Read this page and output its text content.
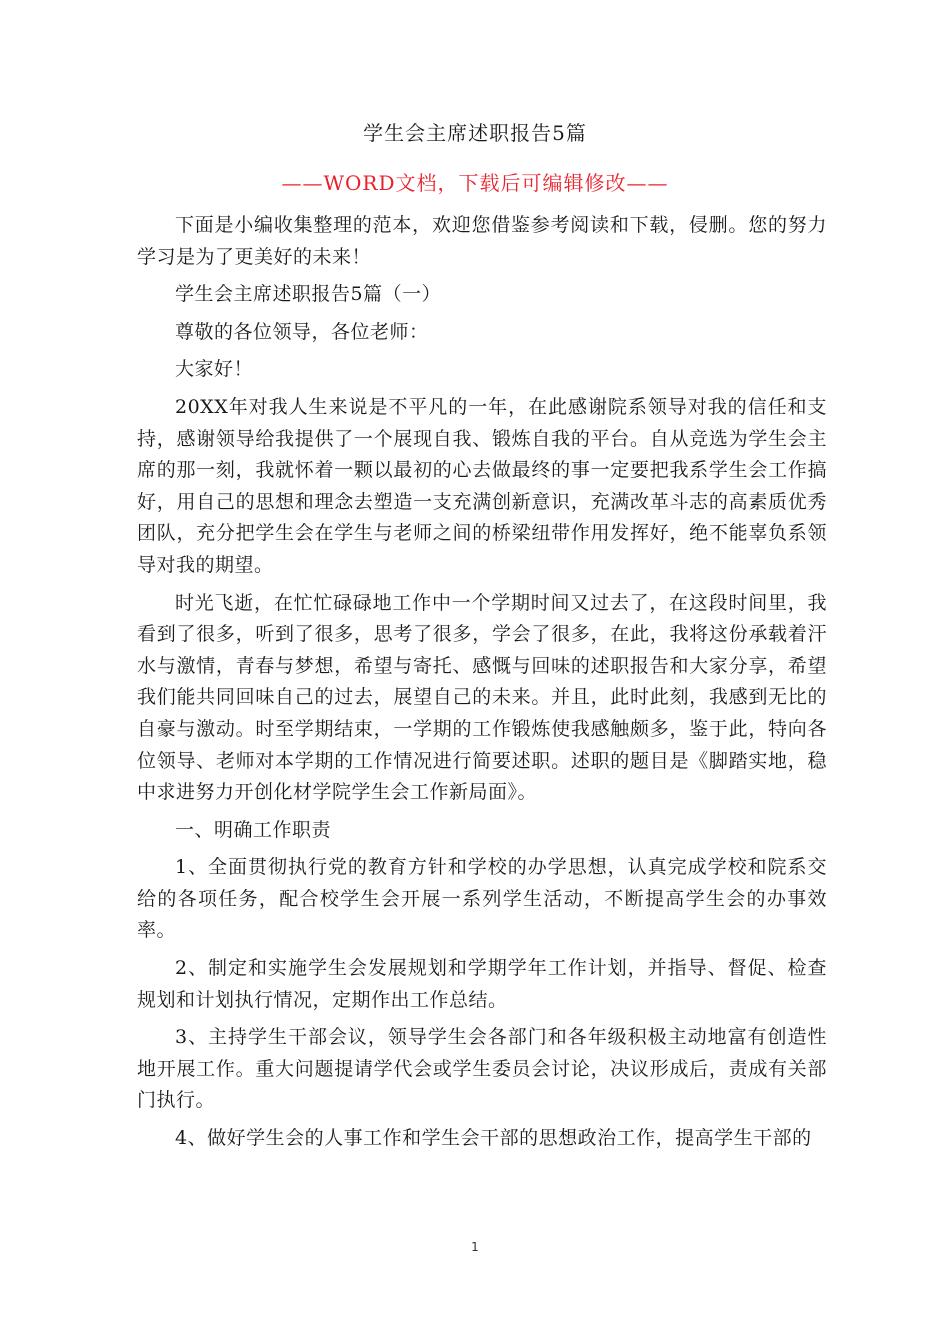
学生会主席述职报告5篇
——WORD文档，下载后可编辑修改——

下面是小编收集整理的范本，欢迎您借鉴参考阅读和下载，侵删。您的努力学习是为了更美好的未来！

学生会主席述职报告5篇（一）

尊敬的各位领导，各位老师：

大家好！

20XX年对我人生来说是不平凡的一年，在此感谢院系领导对我的信任和支持，感谢领导给我提供了一个展现自我、锻炼自我的平台。自从竞选为学生会主席的那一刻，我就怀着一颗以最初的心去做最终的事一定要把我系学生会工作搞好，用自己的思想和理念去塑造一支充满创新意识，充满改革斗志的高素质优秀团队，充分把学生会在学生与老师之间的桥梁纽带作用发挥好，绝不能辜负系领导对我的期望。

时光飞逝，在忙忙碌碌地工作中一个学期时间又过去了，在这段时间里，我看到了很多，听到了很多，思考了很多，学会了很多，在此，我将这份承载着汗水与激情，青春与梦想，希望与寄托、感慨与回味的述职报告和大家分享，希望我们能共同回味自己的过去，展望自己的未来。并且，此时此刻，我感到无比的自豪与激动。时至学期结束，一学期的工作锻炼使我感触颇多，鉴于此，特向各位领导、老师对本学期的工作情况进行简要述职。述职的题目是《脚踏实地，稳中求进努力开创化材学院学生会工作新局面》。

一、明确工作职责

1、全面贯彻执行党的教育方针和学校的办学思想，认真完成学校和院系交给的各项任务，配合校学生会开展一系列学生活动，不断提高学生会的办事效率。

2、制定和实施学生会发展规划和学期学年工作计划，并指导、督促、检查规划和计划执行情况，定期作出工作总结。

3、主持学生干部会议，领导学生会各部门和各年级积极主动地富有创造性地开展工作。重大问题提请学代会或学生委员会讨论，决议形成后，责成有关部门执行。

4、做好学生会的人事工作和学生会干部的思想政治工作，提高学生干部的

1
